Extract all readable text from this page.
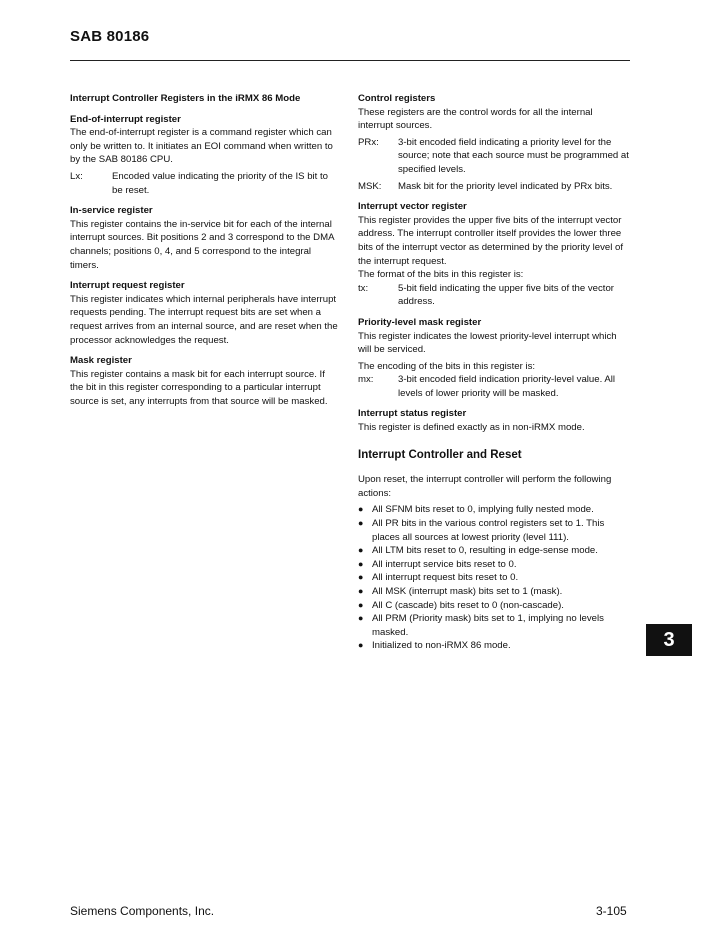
SAB 80186

Interrupt Controller Registers in the iRMX 86 Mode

End-of-interrupt register

The end-of-interrupt register is a command register which can only be written to. It initiates an EOI command when written to by the SAB 80186 CPU.

Lx:	Encoded value indicating the priority of the IS bit to be reset.

In-service register

This register contains the in-service bit for each of the internal interrupt sources. Bit positions 2 and 3 correspond to the DMA channels; positions 0, 4, and 5 correspond to the integral timers.

Interrupt request register

This register indicates which internal peripherals have interrupt requests pending. The interrupt request bits are set when a request arrives from an internal source, and are reset when the processor acknowledges the request.

Mask register

This register contains a mask bit for each interrupt source. If the bit in this register corresponding to a particular interrupt source is set, any interrupts from that source will be masked.

Control registers

These registers are the control words for all the internal interrupt sources.

PRx:	3-bit encoded field indicating a priority level for the source; note that each source must be programmed at specified levels.
MSK:	Mask bit for the priority level indicated by PRx bits.

Interrupt vector register

This register provides the upper five bits of the interrupt vector address. The interrupt controller itself provides the lower three bits of the interrupt vector as determined by the priority level of the interrupt request.

The format of the bits in this register is:

tx:	5-bit field indicating the upper five bits of the vector address.

Priority-level mask register

This register indicates the lowest priority-level interrupt which will be serviced.

The encoding of the bits in this register is:

mx:	3-bit encoded field indication priority-level value. All levels of lower priority will be masked.

Interrupt status register

This register is defined exactly as in non-iRMX mode.

Interrupt Controller and Reset

Upon reset, the interrupt controller will perform the following actions:

● All SFNM bits reset to 0, implying fully nested mode.
● All PR bits in the various control registers set to 1. This places all sources at lowest priority (level 111).
● All LTM bits reset to 0, resulting in edge-sense mode.
● All interrupt service bits reset to 0.
● All interrupt request bits reset to 0.
● All MSK (interrupt mask) bits set to 1 (mask).
● All C (cascade) bits reset to 0 (non-cascade).
● All PRM (Priority mask) bits set to 1, implying no levels masked.
● Initialized to non-iRMX 86 mode.	3
Siemens Components, Inc.	3-105
